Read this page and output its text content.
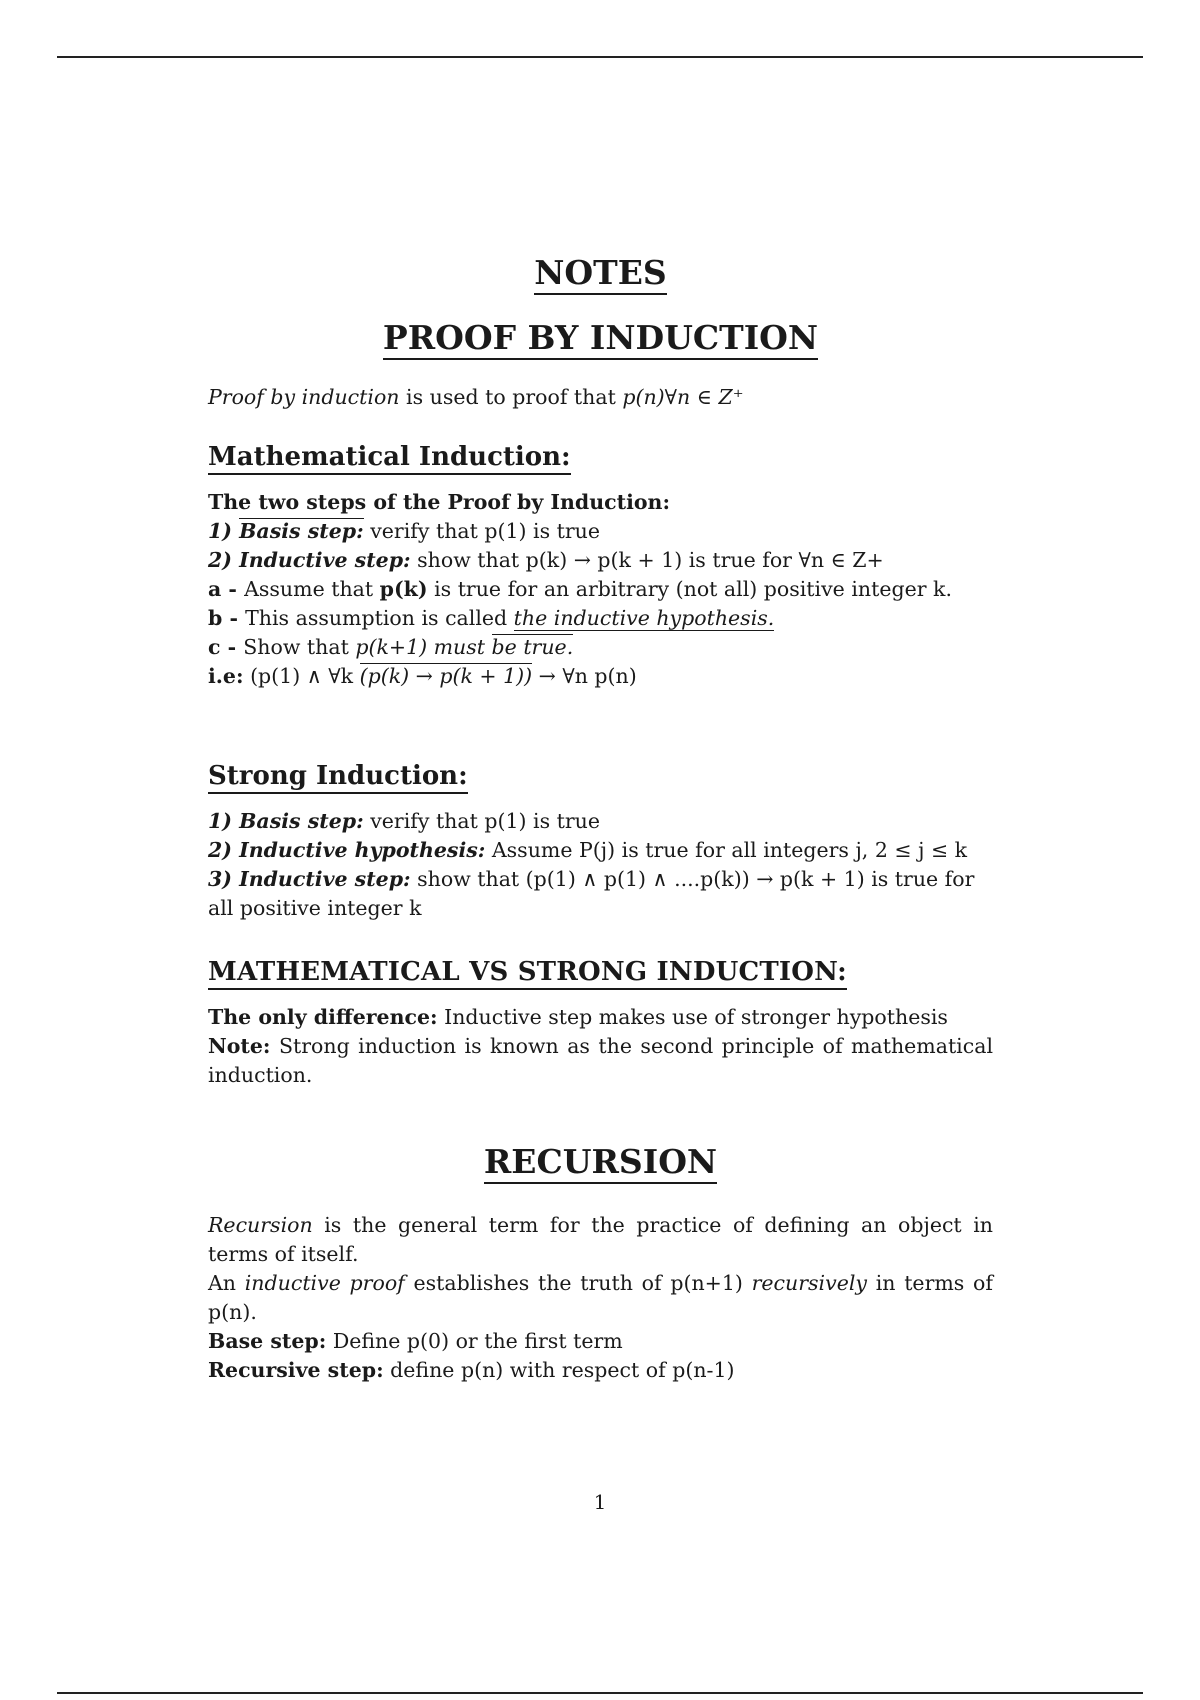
NOTES
PROOF BY INDUCTION

Proof by induction is used to proof that p(n)∀n ∈ Z⁺

Mathematical Induction:

The two steps of the Proof by Induction:

1) Basis step: verify that p(1) is true

2) Inductive step: show that p(k) → p(k + 1) is true for ∀n ∈ Z+

a - Assume that p(k) is true for an arbitrary (not all) positive integer k.

b - This assumption is called the inductive hypothesis.

c - Show that p(k+1) must be true.

i.e: (p(1) ∧ ∀k (p(k) → p(k + 1)) → ∀n p(n)

Strong Induction:

1) Basis step: verify that p(1) is true

2) Inductive hypothesis: Assume P(j) is true for all integers j, 2 ≤ j ≤ k

3) Inductive step: show that (p(1) ∧ p(1) ∧ ....p(k)) → p(k + 1) is true for all positive integer k

MATHEMATICAL VS STRONG INDUCTION:

The only difference: Inductive step makes use of stronger hypothesis

Note: Strong induction is known as the second principle of mathematical induction.

RECURSION

Recursion is the general term for the practice of defining an object in terms of itself.

An inductive proof establishes the truth of p(n+1) recursively in terms of p(n).

Base step: Define p(0) or the first term

Recursive step: define p(n) with respect of p(n-1)

1
